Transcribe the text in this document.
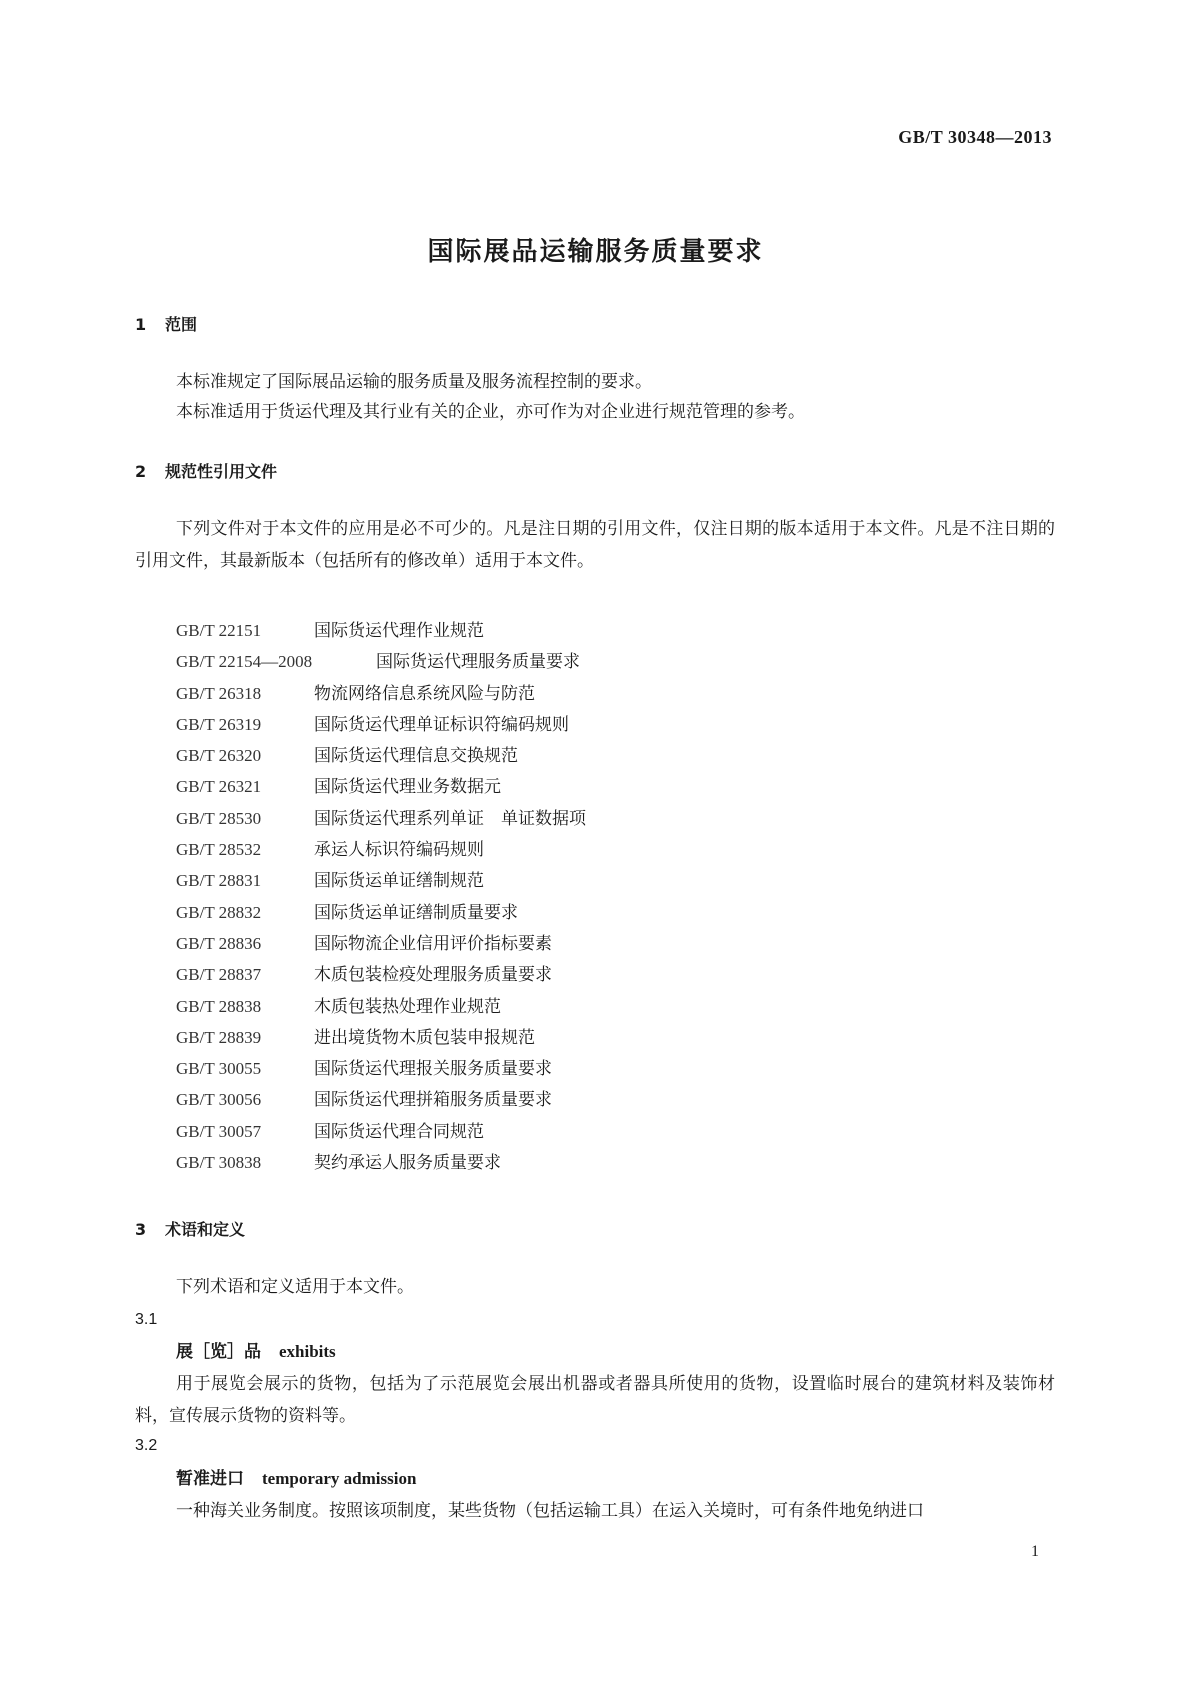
GB/T 30348—2013
国际展品运输服务质量要求
1 范围
本标准规定了国际展品运输的服务质量及服务流程控制的要求。
本标准适用于货运代理及其行业有关的企业，亦可作为对企业进行规范管理的参考。
2 规范性引用文件
下列文件对于本文件的应用是必不可少的。凡是注日期的引用文件，仅注日期的版本适用于本文件。凡是不注日期的引用文件，其最新版本（包括所有的修改单）适用于本文件。
GB/T 22151	国际货运代理作业规范
GB/T 22154—2008	国际货运代理服务质量要求
GB/T 26318	物流网络信息系统风险与防范
GB/T 26319	国际货运代理单证标识符编码规则
GB/T 26320	国际货运代理信息交换规范
GB/T 26321	国际货运代理业务数据元
GB/T 28530	国际货运代理系列单证　单证数据项
GB/T 28532	承运人标识符编码规则
GB/T 28831	国际货运单证缮制规范
GB/T 28832	国际货运单证缮制质量要求
GB/T 28836	国际物流企业信用评价指标要素
GB/T 28837	木质包装检疫处理服务质量要求
GB/T 28838	木质包装热处理作业规范
GB/T 28839	进出境货物木质包装申报规范
GB/T 30055	国际货运代理报关服务质量要求
GB/T 30056	国际货运代理拼箱服务质量要求
GB/T 30057	国际货运代理合同规范
GB/T 30838	契约承运人服务质量要求
3 术语和定义
下列术语和定义适用于本文件。
3.1
展［览］品 exhibits
用于展览会展示的货物，包括为了示范展览会展出机器或者器具所使用的货物，设置临时展台的建筑材料及装饰材料，宣传展示货物的资料等。
3.2
暂准进口 temporary admission
一种海关业务制度。按照该项制度，某些货物（包括运输工具）在运入关境时，可有条件地免纳进口
1
